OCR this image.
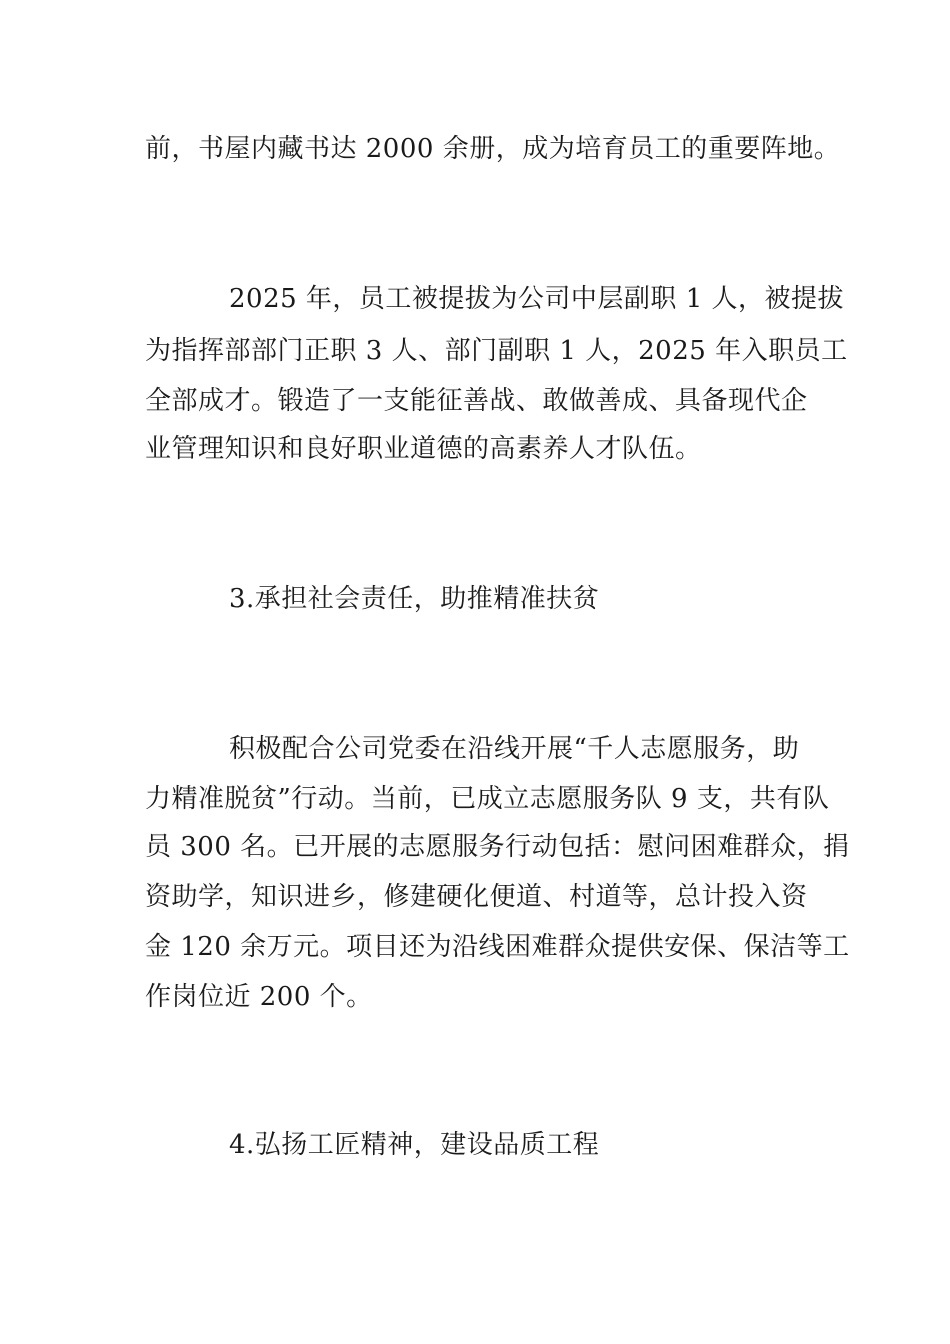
前，书屋内藏书达 2000 余册，成为培育员工的重要阵地。
2025 年，员工被提拔为公司中层副职 1 人，被提拔
为指挥部部门正职 3 人、部门副职 1 人，2025 年入职员工
全部成才。锻造了一支能征善战、敢做善成、具备现代企
业管理知识和良好职业道德的高素养人才队伍。
3.承担社会责任，助推精准扶贫
积极配合公司党委在沿线开展“千人志愿服务，助
力精准脱贫”行动。当前，已成立志愿服务队 9 支，共有队
员 300 名。已开展的志愿服务行动包括：慰问困难群众，捐
资助学，知识进乡，修建硬化便道、村道等，总计投入资
金 120 余万元。项目还为沿线困难群众提供安保、保洁等工
作岗位近 200 个。
4.弘扬工匠精神，建设品质工程
